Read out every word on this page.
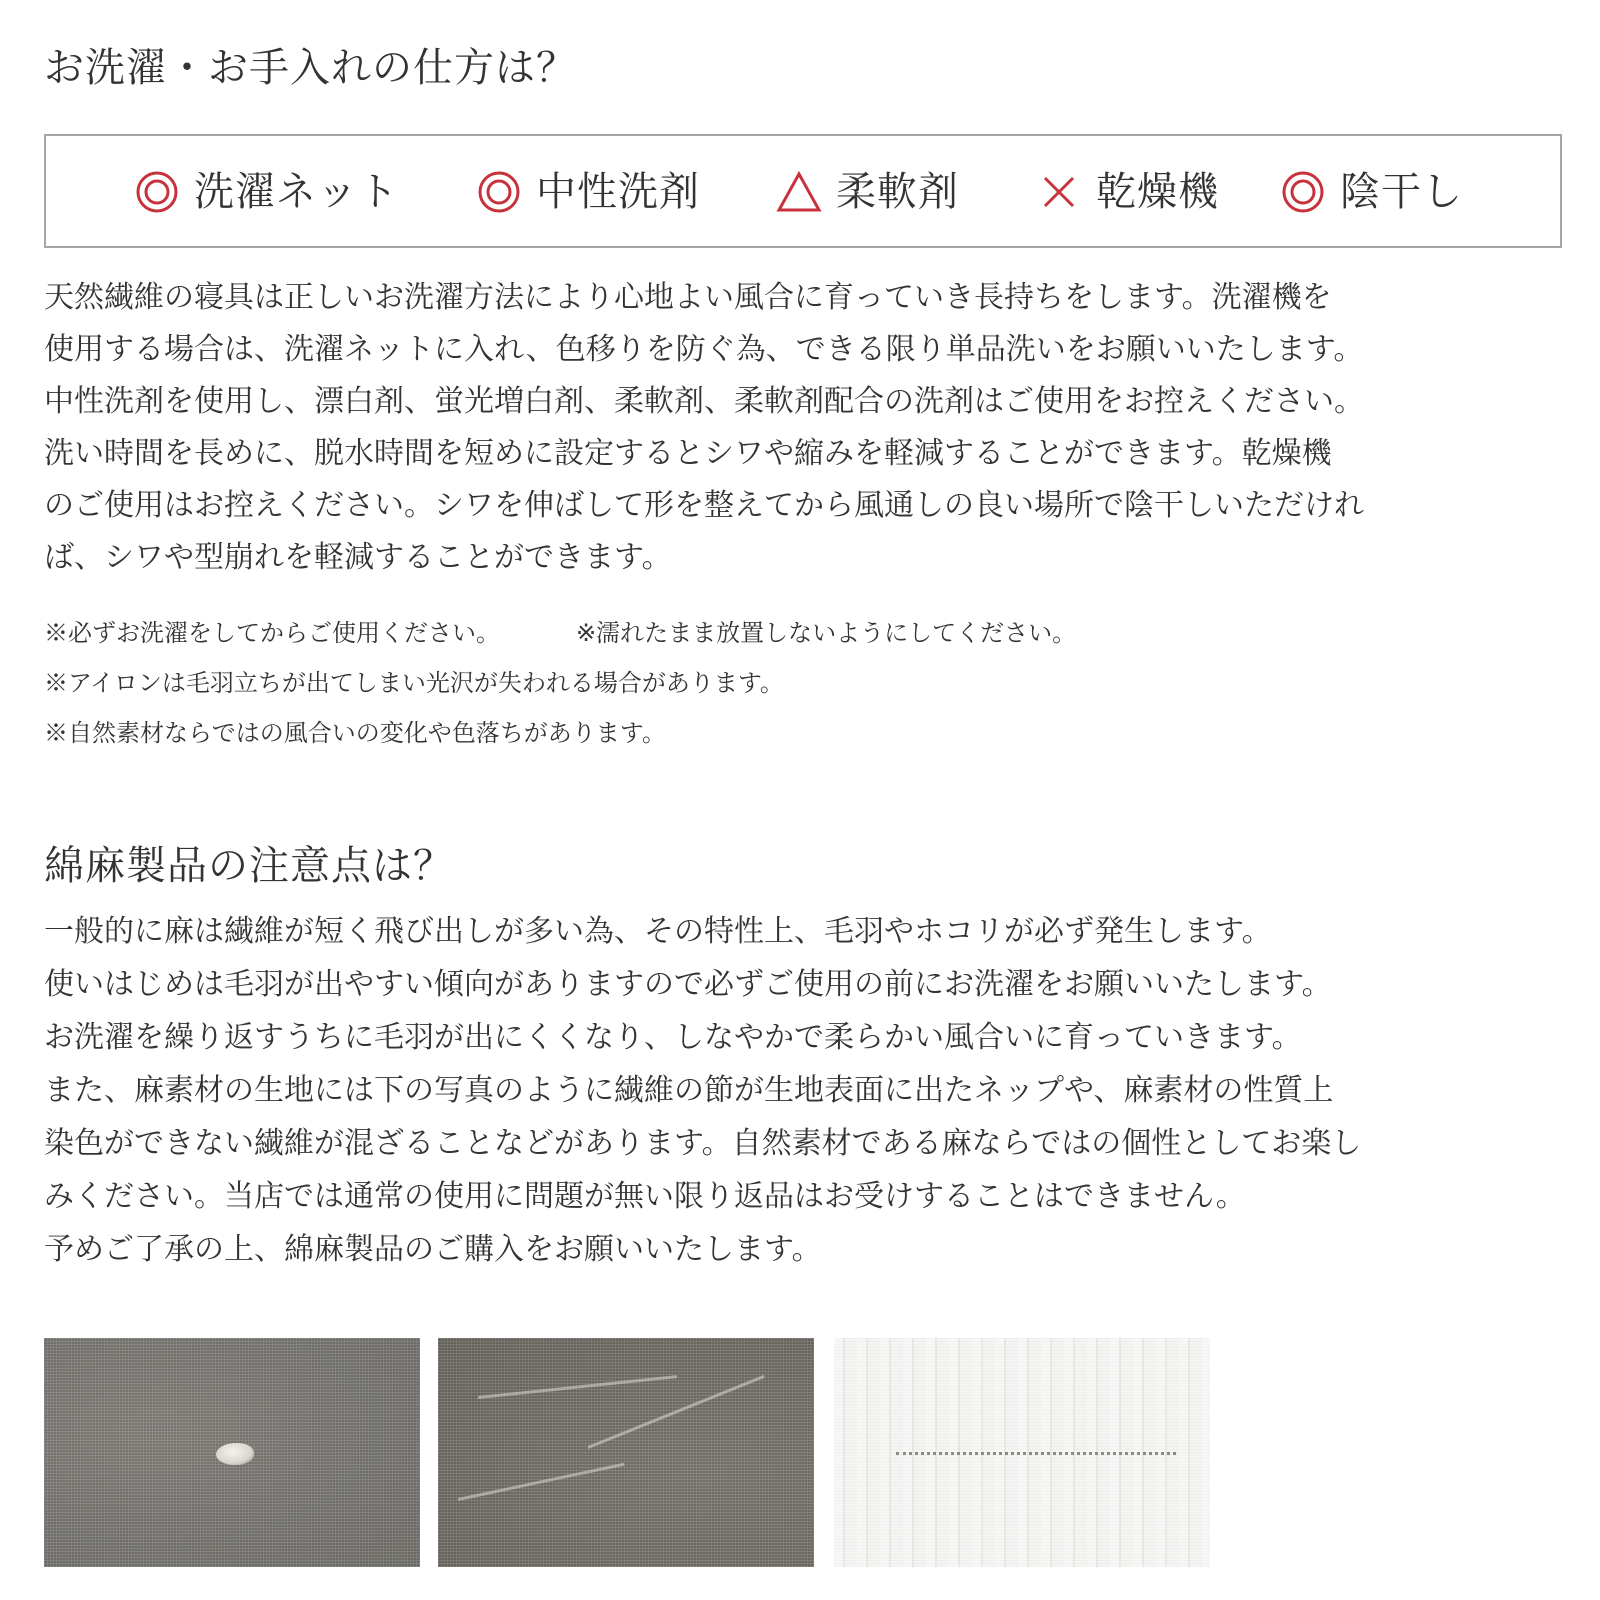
お洗濯・お手入れの仕方は？
洗濯ネット	中性洗剤	柔軟剤	乾燥機	陰干し
天然繊維の寝具は正しいお洗濯方法により心地よい風合に育っていき長持ちをします。洗濯機を
使用する場合は、洗濯ネットに入れ、色移りを防ぐ為、できる限り単品洗いをお願いいたします。
中性洗剤を使用し、漂白剤、蛍光増白剤、柔軟剤、柔軟剤配合の洗剤はご使用をお控えください。
洗い時間を長めに、脱水時間を短めに設定するとシワや縮みを軽減することができます。乾燥機
のご使用はお控えください。シワを伸ばして形を整えてから風通しの良い場所で陰干しいただけれ
ば、シワや型崩れを軽減することができます。
※必ずお洗濯をしてからご使用ください。	※濡れたまま放置しないようにしてください。
※アイロンは毛羽立ちが出てしまい光沢が失われる場合があります。
※自然素材ならではの風合いの変化や色落ちがあります。
綿麻製品の注意点は？
一般的に麻は繊維が短く飛び出しが多い為、その特性上、毛羽やホコリが必ず発生します。
使いはじめは毛羽が出やすい傾向がありますので必ずご使用の前にお洗濯をお願いいたします。
お洗濯を繰り返すうちに毛羽が出にくくなり、しなやかで柔らかい風合いに育っていきます。
また、麻素材の生地には下の写真のように繊維の節が生地表面に出たネップや、麻素材の性質上
染色ができない繊維が混ざることなどがあります。自然素材である麻ならではの個性としてお楽し
みください。当店では通常の使用に問題が無い限り返品はお受けすることはできません。
予めご了承の上、綿麻製品のご購入をお願いいたします。
